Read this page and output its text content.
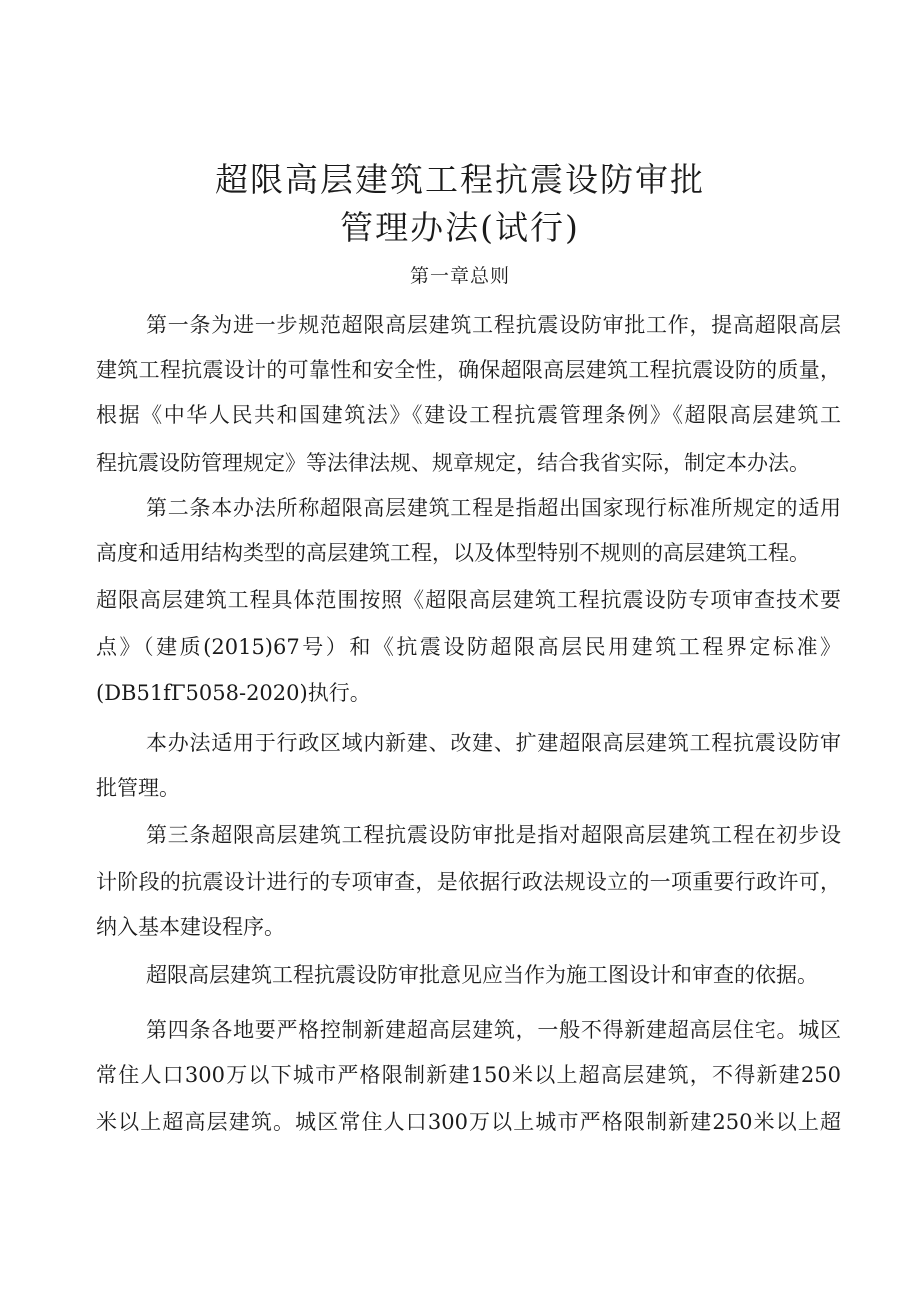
超限高层建筑工程抗震设防审批
管理办法(试行)
第一章总则
第一条为进一步规范超限高层建筑工程抗震设防审批工作，提高超限高层
建筑工程抗震设计的可靠性和安全性，确保超限高层建筑工程抗震设防的质量，
根据《中华人民共和国建筑法》《建设工程抗震管理条例》《超限高层建筑工
程抗震设防管理规定》等法律法规、规章规定，结合我省实际，制定本办法。
第二条本办法所称超限高层建筑工程是指超出国家现行标准所规定的适用
高度和适用结构类型的高层建筑工程，以及体型特别不规则的高层建筑工程。
超限高层建筑工程具体范围按照《超限高层建筑工程抗震设防专项审查技术要
点》（建质(2015)67号）和《抗震设防超限高层民用建筑工程界定标准》
(DB51fΓ5058-2020)执行。
本办法适用于行政区域内新建、改建、扩建超限高层建筑工程抗震设防审
批管理。
第三条超限高层建筑工程抗震设防审批是指对超限高层建筑工程在初步设
计阶段的抗震设计进行的专项审查，是依据行政法规设立的一项重要行政许可，
纳入基本建设程序。
超限高层建筑工程抗震设防审批意见应当作为施工图设计和审查的依据。
第四条各地要严格控制新建超高层建筑，一般不得新建超高层住宅。城区
常住人口300万以下城市严格限制新建150米以上超高层建筑，不得新建250
米以上超高层建筑。城区常住人口300万以上城市严格限制新建250米以上超
